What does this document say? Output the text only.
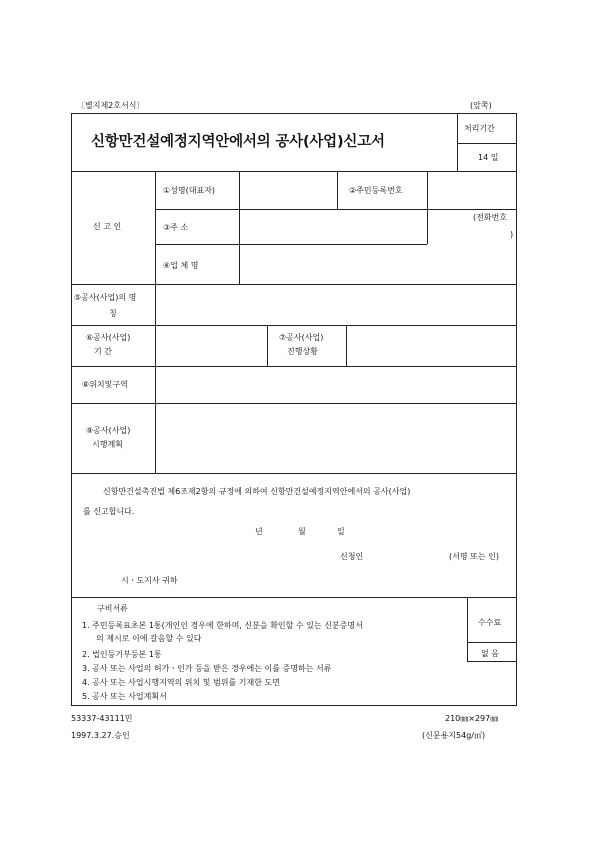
〔별지제2호서식〕	(앞쪽)
신항만건설예정지역안에서의 공사(사업)신고서
처리기간
14 일
신 고 인
①성명(대표자)	②주민등록번호
③주 소
(전화번호
)
④업 체 명
⑤공사(사업)의 명
칭
⑥공사(사업)
기 간
⑦공사(사업)
진행상황
⑧위치및구역
⑨공사(사업)
시행계획
신항만건설촉진법 제6조제2항의 규정에 의하여 신항만건설예정지역안에서의 공사(사업)
를 신고합니다.
년	월	일
신청인	(서명 또는 인)
시ㆍ도지사 귀하
구비서류
1. 주민등록표초본 1통(개인인 경우에 한하며, 신분을 확인할 수 있는 신분증명서
의 제시로 이에 갈음할 수 있다
2. 법인등기부등본 1통
3. 공사 또는 사업의 허가ㆍ인가 등을 받은 경우에는 이를 증명하는 서류
4. 공사 또는 사업시행지역의 위치 및 범위를 기재한 도면
5. 공사 또는 사업계획서
수수료
없 음
53337-43111민	210㎜×297㎜
1997.3.27.승인	(신문용지54g/㎡)
